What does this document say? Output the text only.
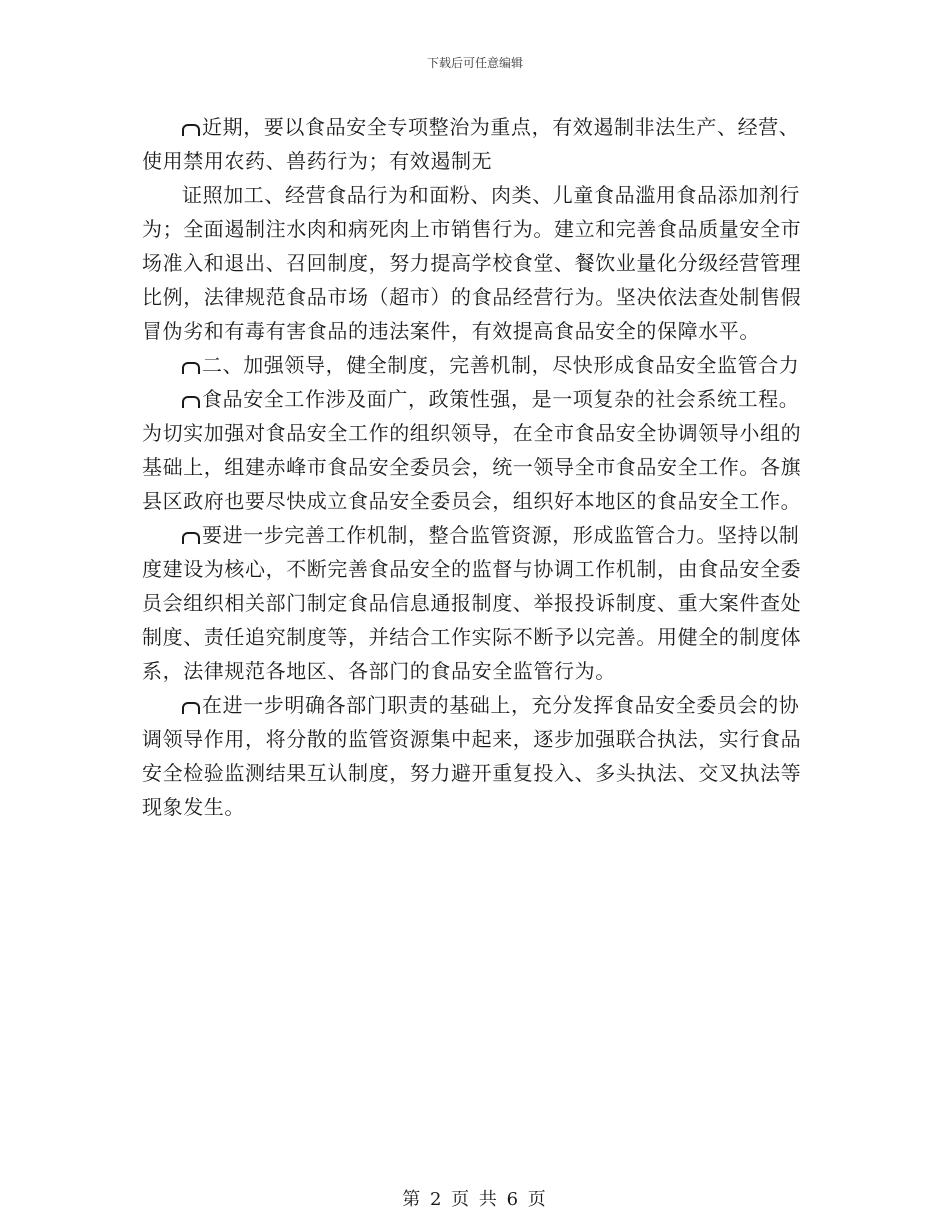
下载后可任意编辑

近期，要以食品安全专项整治为重点，有效遏制非法生产、经营、使用禁用农药、兽药行为；有效遏制无

证照加工、经营食品行为和面粉、肉类、儿童食品滥用食品添加剂行为；全面遏制注水肉和病死肉上市销售行为。建立和完善食品质量安全市场准入和退出、召回制度，努力提高学校食堂、餐饮业量化分级经营管理比例，法律规范食品市场（超市）的食品经营行为。坚决依法查处制售假冒伪劣和有毒有害食品的违法案件，有效提高食品安全的保障水平。

二、加强领导，健全制度，完善机制，尽快形成食品安全监管合力

食品安全工作涉及面广，政策性强，是一项复杂的社会系统工程。为切实加强对食品安全工作的组织领导，在全市食品安全协调领导小组的基础上，组建赤峰市食品安全委员会，统一领导全市食品安全工作。各旗县区政府也要尽快成立食品安全委员会，组织好本地区的食品安全工作。

要进一步完善工作机制，整合监管资源，形成监管合力。坚持以制度建设为核心，不断完善食品安全的监督与协调工作机制，由食品安全委员会组织相关部门制定食品信息通报制度、举报投诉制度、重大案件查处制度、责任追究制度等，并结合工作实际不断予以完善。用健全的制度体系，法律规范各地区、各部门的食品安全监管行为。

在进一步明确各部门职责的基础上，充分发挥食品安全委员会的协调领导作用，将分散的监管资源集中起来，逐步加强联合执法，实行食品安全检验监测结果互认制度，努力避开重复投入、多头执法、交叉执法等现象发生。

第 2 页 共 6 页
